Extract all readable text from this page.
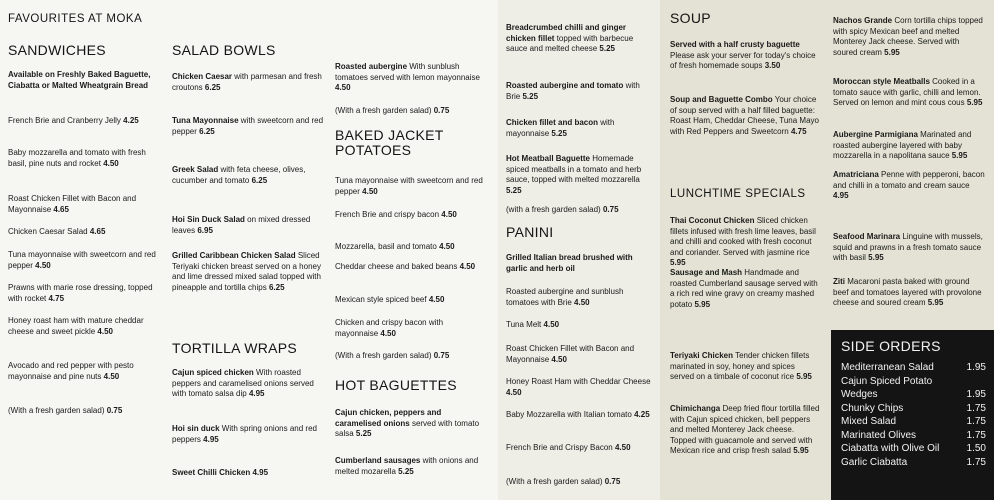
FAVOURITES AT MOKA
SANDWICHES
Available on Freshly Baked Baguette, Ciabatta or Malted Wheatgrain Bread
French Brie and Cranberry Jelly 4.25
Baby mozzarella and tomato with fresh basil, pine nuts and rocket 4.50
Roast Chicken Fillet with Bacon and Mayonnaise 4.65
Chicken Caesar Salad 4.65
Tuna mayonnaise with sweetcorn and red pepper 4.50
Prawns with marie rose dressing, topped with rocket 4.75
Honey roast ham with mature cheddar cheese and sweet pickle 4.50
Avocado and red pepper with pesto mayonnaise and pine nuts 4.50
(With a fresh garden salad) 0.75
SALAD BOWLS
Chicken Caesar with parmesan and fresh croutons 6.25
Tuna Mayonnaise with sweetcorn and red pepper 6.25
Greek Salad with feta cheese, olives, cucumber and tomato 6.25
Hoi Sin Duck Salad on mixed dressed leaves 6.95
Grilled Caribbean Chicken Salad Sliced Teriyaki chicken breast served on a honey and lime dressed mixed salad topped with pineapple and tortilla chips 6.25
TORTILLA WRAPS
Cajun spiced chicken With roasted peppers and caramelised onions served with tomato salsa dip 4.95
Hoi sin duck With spring onions and red peppers 4.95
Sweet Chilli Chicken 4.95
Roasted aubergine With sunblush tomatoes served with lemon mayonnaise 4.50
(With a fresh garden salad) 0.75
BAKED JACKET POTATOES
Tuna mayonnaise with sweetcorn and red pepper 4.50
French Brie and crispy bacon 4.50
Mozzarella, basil and tomato 4.50
Cheddar cheese and baked beans 4.50
Mexican style spiced beef 4.50
Chicken and crispy bacon with mayonnaise 4.50
(With a fresh garden salad) 0.75
HOT BAGUETTES
Cajun chicken, peppers and caramelised onions served with tomato salsa 5.25
Cumberland sausages with onions and melted mozarella 5.25
Breadcrumbed chilli and ginger chicken fillet topped with barbecue sauce and melted cheese 5.25
Roasted aubergine and tomato with Brie 5.25
Chicken fillet and bacon with mayonnaise 5.25
Hot Meatball Baguette Homemade spiced meatballs in a tomato and herb sauce, topped with melted mozzarella 5.25
(with a fresh garden salad) 0.75
PANINI
Grilled Italian bread brushed with garlic and herb oil
Roasted aubergine and sunblush tomatoes with Brie 4.50
Tuna Melt 4.50
Roast Chicken Fillet with Bacon and Mayonnaise 4.50
Honey Roast Ham with Cheddar Cheese 4.50
Baby Mozzarella with Italian tomato 4.25
French Brie and Crispy Bacon 4.50
(With a fresh garden salad) 0.75
SOUP
Served with a half crusty baguette Please ask your server for today's choice of fresh homemade soups 3.50
Soup and Baguette Combo Your choice of soup served with a half filled baguette: Roast Ham, Cheddar Cheese, Tuna Mayo with Red Peppers and Sweetcorn 4.75
LUNCHTIME SPECIALS
Thai Coconut Chicken Sliced chicken fillets infused with fresh lime leaves, basil and chilli and cooked with fresh coconut and coriander. Served with jasmine rice 5.95
Sausage and Mash Handmade and roasted Cumberland sausage served with a rich red wine gravy on creamy mashed potato 5.95
Teriyaki Chicken Tender chicken fillets marinated in soy, honey and spices served on a timbale of coconut rice 5.95
Chimichanga Deep fried flour tortilla filled with Cajun spiced chicken, bell peppers and melted Monterey Jack cheese. Topped with guacamole and served with Mexican rice and crisp fresh salad 5.95
Nachos Grande Corn tortilla chips topped with spicy Mexican beef and melted Monterey Jack cheese. Served with soured cream 5.95
Moroccan style Meatballs Cooked in a tomato sauce with garlic, chilli and lemon. Served on lemon and mint cous cous 5.95
Aubergine Parmigiana Marinated and roasted aubergine layered with baby mozzarella in a napolitana sauce 5.95
Amatriciana Penne with pepperoni, bacon and chilli in a tomato and cream sauce 4.95
Seafood Marinara Linguine with mussels, squid and prawns in a fresh tomato sauce with basil 5.95
Ziti Macaroni pasta baked with ground beef and tomatoes layered with provolone cheese and soured cream 5.95
SIDE ORDERS
Mediterranean Salad	1.95
Cajun Spiced Potato
Wedges	1.95
Chunky Chips	1.75
Mixed Salad	1.75
Marinated Olives	1.75
Ciabatta with Olive Oil	1.50
Garlic Ciabatta	1.75
